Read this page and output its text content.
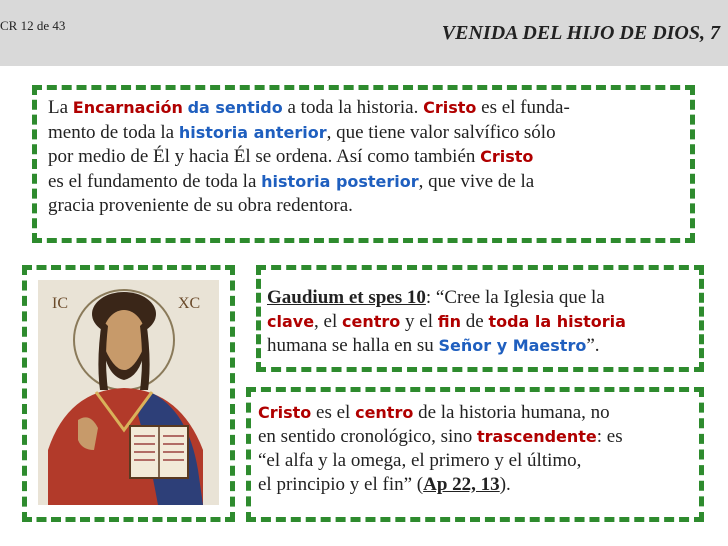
CR 12 de 43	VENIDA DEL HIJO DE DIOS, 7
La Encarnación da sentido a toda la historia. Cristo es el funda-
mento de toda la historia anterior, que tiene valor salvífico sólo
por medio de Él y hacia Él se ordena. Así como también Cristo
es el fundamento de toda la historia posterior, que vive de la
gracia proveniente de su obra redentora.
IC	XC	Gaudium et spes 10: “Cree la Iglesia que la
clave, el centro y el fin de toda la historia
humana se halla en su Señor y Maestro”.
Cristo es el centro de la historia humana, no
en sentido cronológico, sino trascendente: es
“el alfa y la omega, el primero y el último,
el principio y el fin” (Ap 22, 13).
